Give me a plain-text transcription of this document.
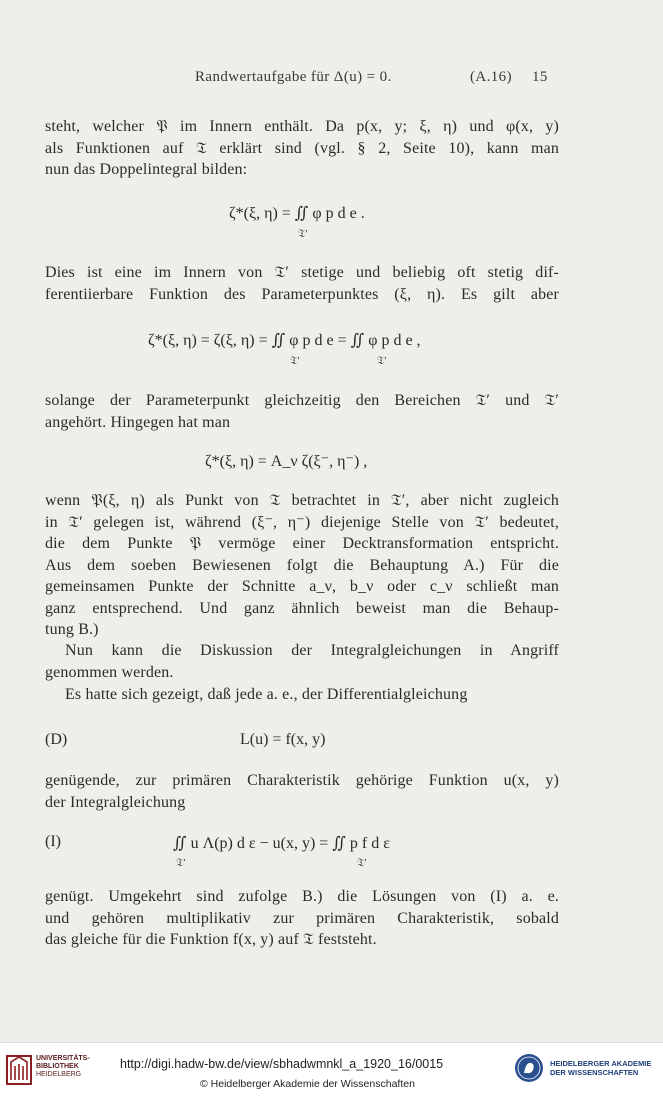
Randwertaufgabe für Δ(u) = 0.	(A.16) 15
steht, welcher 𝔓 im Innern enthält. Da p(x, y; ξ, η) und φ(x, y)
als Funktionen auf 𝔗 erklärt sind (vgl. § 2, Seite 10), kann man
nun das Doppelintegral bilden:
ζ*(ξ, η) = ∬ φ p d e .
𝔗′
Dies ist eine im Innern von 𝔗′ stetige und beliebig oft stetig dif-
ferentiierbare Funktion des Parameterpunktes (ξ, η). Es gilt aber
ζ*(ξ, η) = ζ(ξ, η) = ∬ φ p d e = ∬ φ p d e ,
𝔗′	𝔗′
solange der Parameterpunkt gleichzeitig den Bereichen 𝔗′ und 𝔗′
angehört. Hingegen hat man
ζ*(ξ, η) = A_ν ζ(ξ⁻, η⁻) ,
wenn 𝔓(ξ, η) als Punkt von 𝔗 betrachtet in 𝔗′, aber nicht zugleich
in 𝔗′ gelegen ist, während (ξ⁻, η⁻) diejenige Stelle von 𝔗′ bedeutet,
die dem Punkte 𝔓 vermöge einer Decktransformation entspricht.
Aus dem soeben Bewiesenen folgt die Behauptung A.) Für die
gemeinsamen Punkte der Schnitte a_ν, b_ν oder c_ν schließt man
ganz entsprechend. Und ganz ähnlich beweist man die Behaup-
tung B.)
Nun kann die Diskussion der Integralgleichungen in Angriff
genommen werden.
Es hatte sich gezeigt, daß jede a. e., der Differentialgleichung
(D)	L(u) = f(x, y)
genügende, zur primären Charakteristik gehörige Funktion u(x, y)
der Integralgleichung
(I)	∬ u Λ(p) d ε − u(x, y) = ∬ p f d ε
𝔗′	𝔗′
genügt. Umgekehrt sind zufolge B.) die Lösungen von (I) a. e.
und gehören multiplikativ zur primären Charakteristik, sobald
das gleiche für die Funktion f(x, y) auf 𝔗 feststeht.
UNIVERSITÄTS-
BIBLIOTHEK
HEIDELBERG
http://digi.hadw-bw.de/view/sbhadwmnkl_a_1920_16/0015
© Heidelberger Akademie der Wissenschaften
HEIDELBERGER AKADEMIE
DER WISSENSCHAFTEN
